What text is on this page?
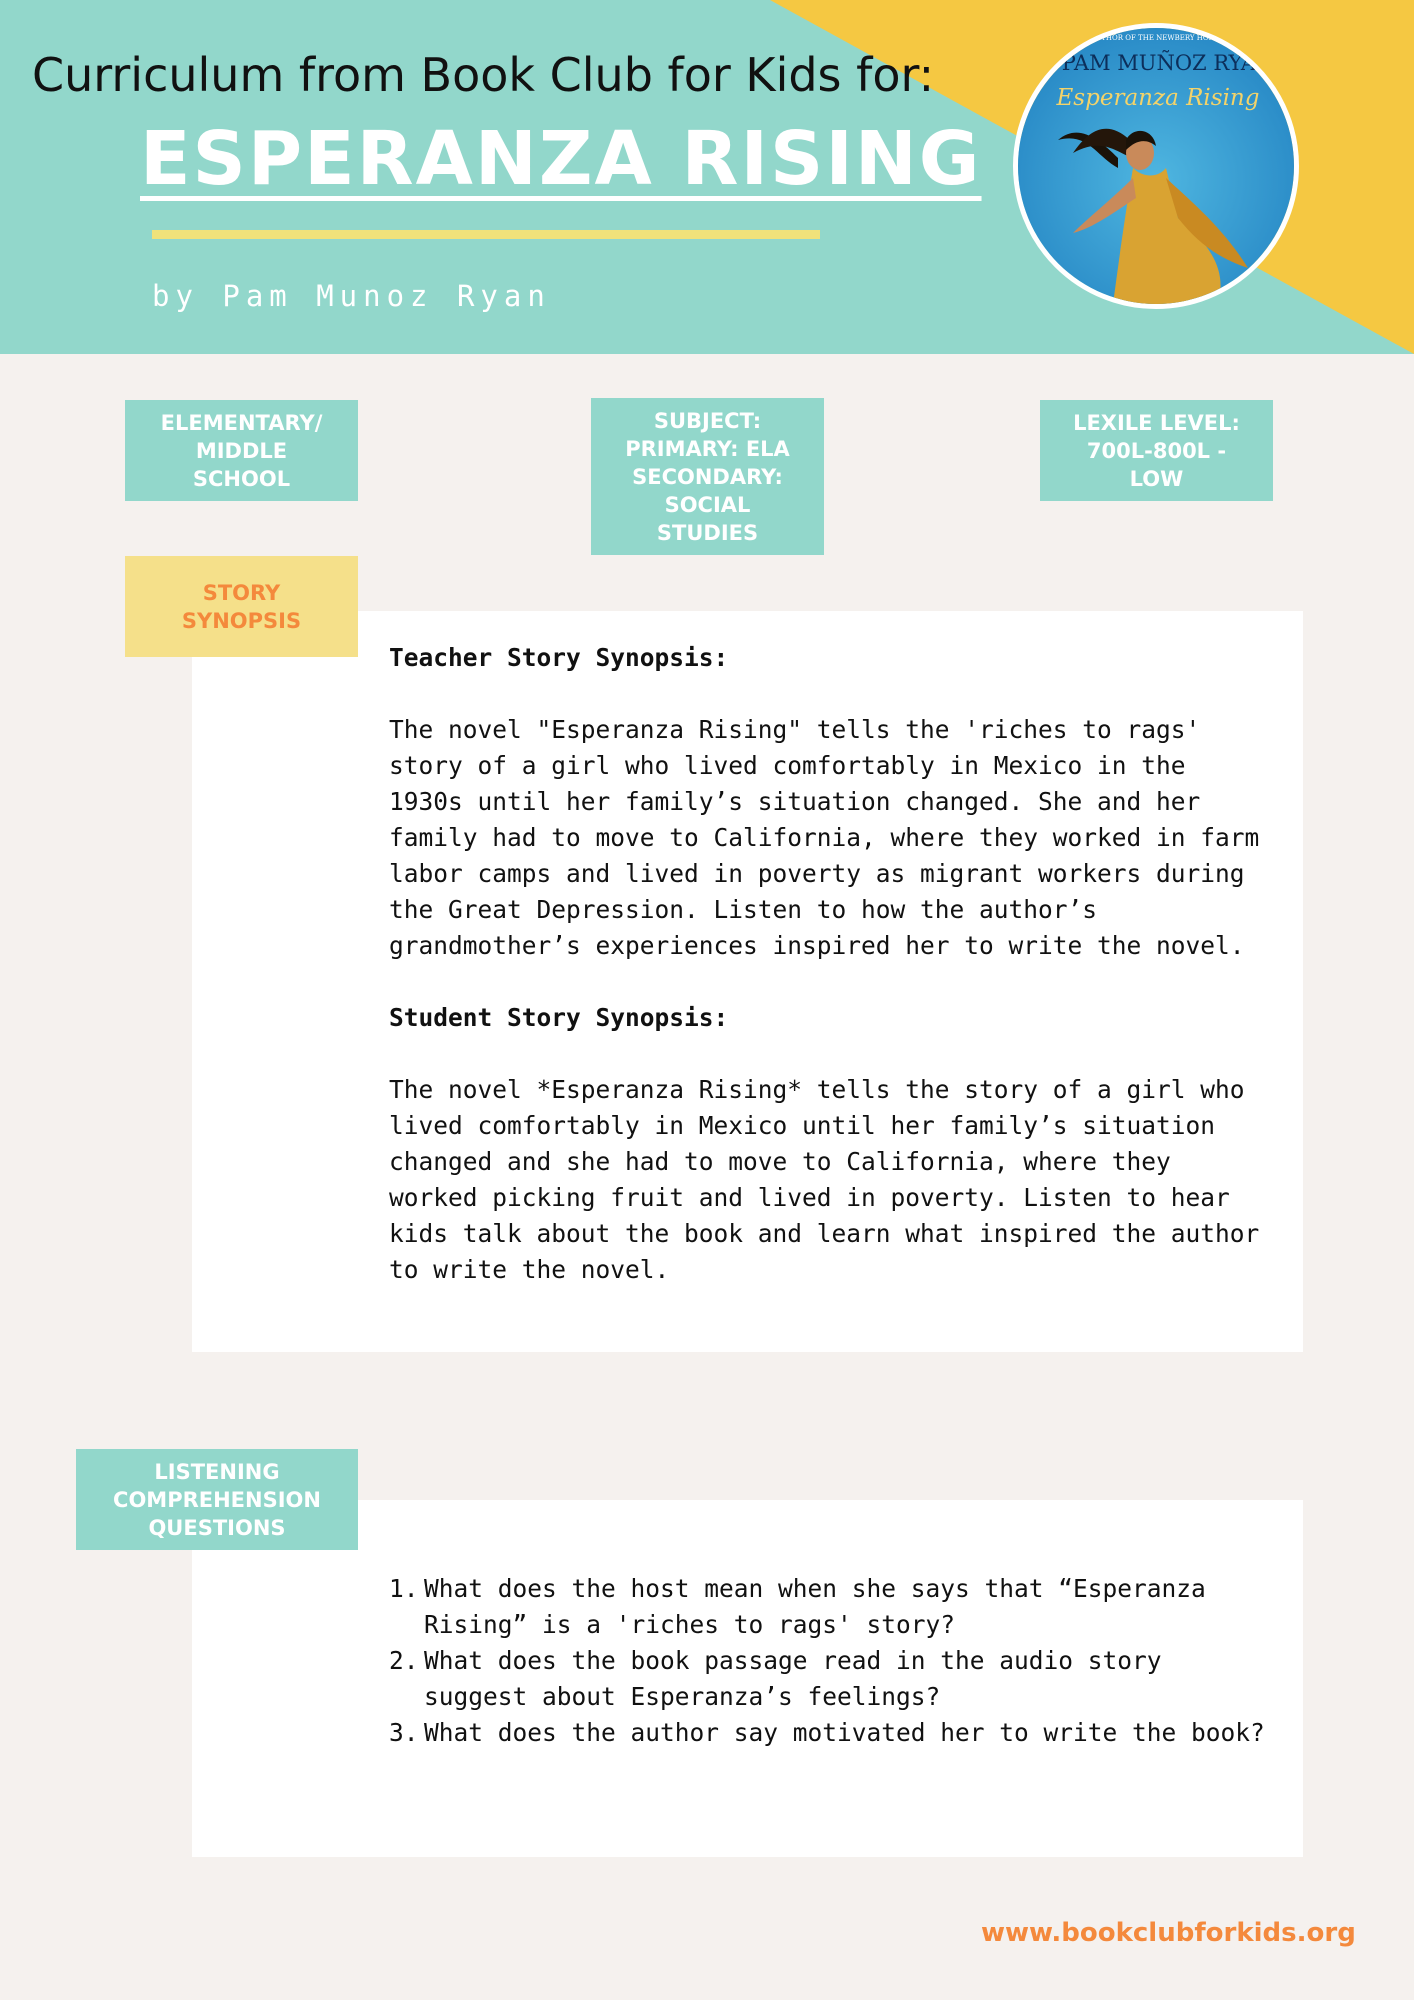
Curriculum from Book Club for Kids for:
ESPERANZA RISING
by Pam Munoz Ryan
AUTHOR OF THE NEWBERY HONOR
PAM MUÑOZ RYAN
Esperanza Rising
ELEMENTARY/
MIDDLE
SCHOOL
SUBJECT:
PRIMARY: ELA
SECONDARY:
SOCIAL
STUDIES
LEXILE LEVEL:
700L-800L -
LOW
STORY
SYNOPSIS

Teacher Story Synopsis:

The novel "Esperanza Rising" tells the 'riches to rags' story of a girl who lived comfortably in Mexico in the 1930s until her family’s situation changed. She and her family had to move to California, where they worked in farm labor camps and lived in poverty as migrant workers during the Great Depression. Listen to how the author’s grandmother’s experiences inspired her to write the novel.

Student Story Synopsis:

The novel *Esperanza Rising* tells the story of a girl who lived comfortably in Mexico until her family’s situation changed and she had to move to California, where they worked picking fruit and lived in poverty. Listen to hear kids talk about the book and learn what inspired the author to write the novel.

LISTENING
COMPREHENSION
QUESTIONS
1. What does the host mean when she says that “Esperanza Rising” is a 'riches to rags' story?
2. What does the book passage read in the audio story suggest about Esperanza’s feelings?
3. What does the author say motivated her to write the book?
www.bookclubforkids.org
